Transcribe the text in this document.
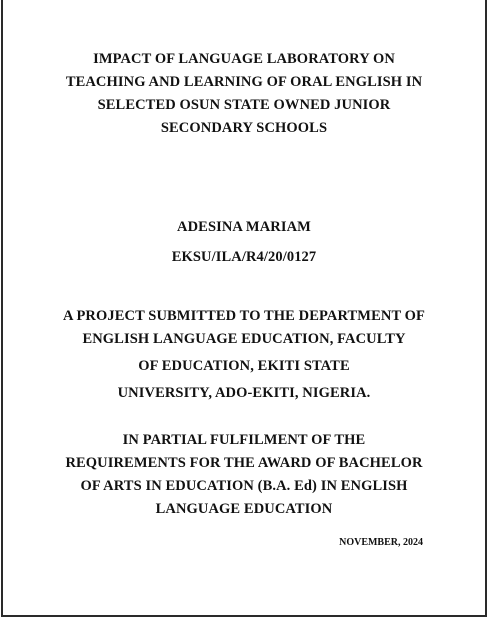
IMPACT OF LANGUAGE LABORATORY ON
TEACHING AND LEARNING OF ORAL ENGLISH IN
SELECTED OSUN STATE OWNED JUNIOR
SECONDARY SCHOOLS
ADESINA MARIAM
EKSU/ILA/R4/20/0127
A PROJECT SUBMITTED TO THE DEPARTMENT OF
ENGLISH LANGUAGE EDUCATION, FACULTY
OF EDUCATION, EKITI STATE
UNIVERSITY, ADO-EKITI, NIGERIA.
IN PARTIAL FULFILMENT OF THE
REQUIREMENTS FOR THE AWARD OF BACHELOR
OF ARTS IN EDUCATION (B.A. Ed) IN ENGLISH
LANGUAGE EDUCATION
NOVEMBER, 2024
